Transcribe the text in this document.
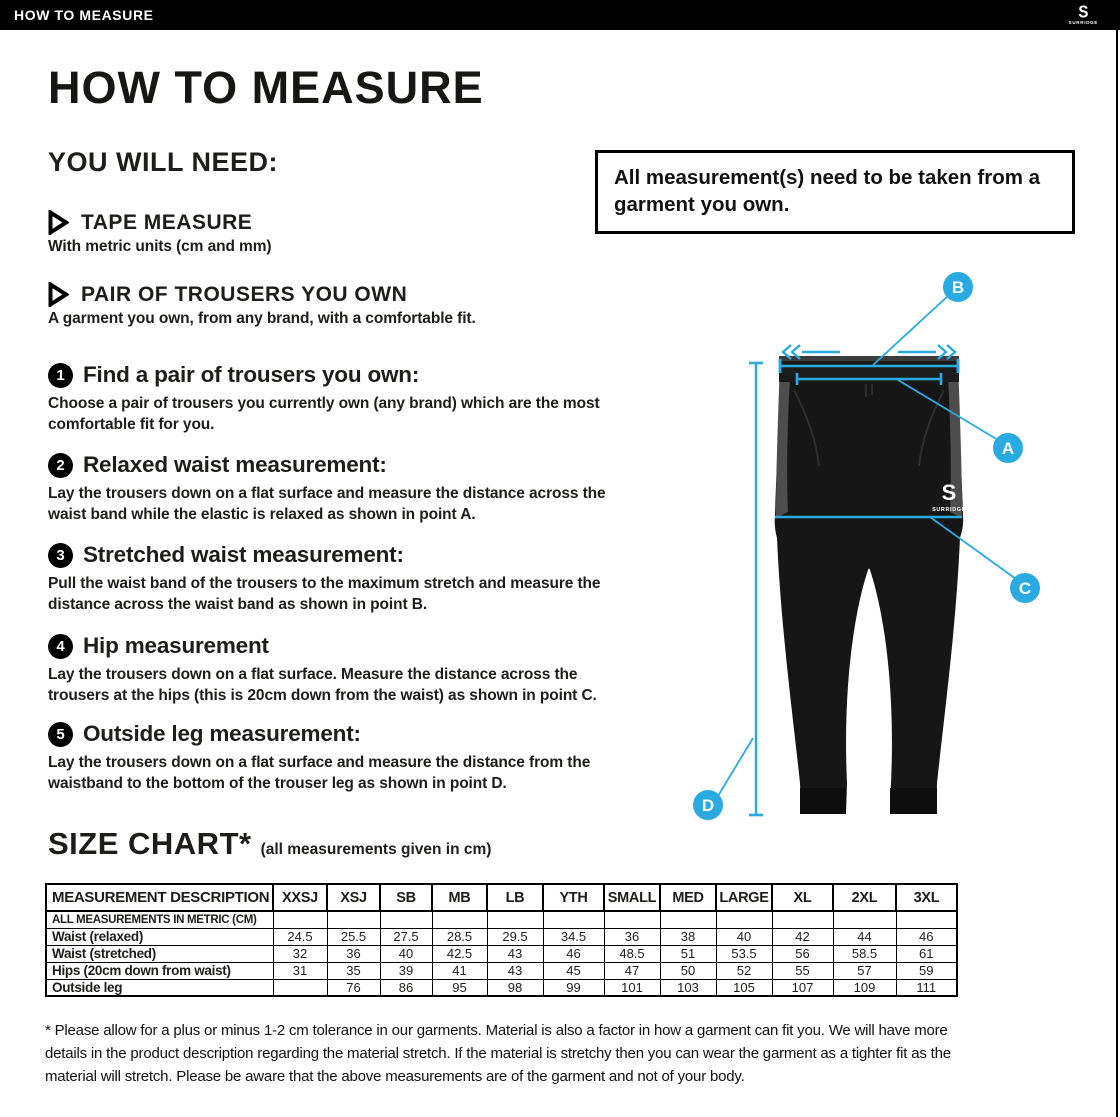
HOW TO MEASURE	S
SURRIDGE
HOW TO MEASURE
YOU WILL NEED:
All measurement(s) need to be taken from a garment you own.
TAPE MEASURE
With metric units (cm and mm)
PAIR OF TROUSERS YOU OWN
A garment you own, from any brand, with a comfortable fit.
1 Find a pair of trousers you own:
Choose a pair of trousers you currently own (any brand) which are the most comfortable fit for you.
2 Relaxed waist measurement:
Lay the trousers down on a flat surface and measure the distance across the waist band while the elastic is relaxed as shown in point A.
3 Stretched waist measurement:
Pull the waist band of the trousers to the maximum stretch and measure the distance across the waist band as shown in point B.
4 Hip measurement
Lay the trousers down on a flat surface. Measure the distance across the trousers at the hips (this is 20cm down from the waist) as shown in point C.
5 Outside leg measurement:
Lay the trousers down on a flat surface and measure the distance from the waistband to the bottom of the trouser leg as shown in point D.
S
SURRIDGE
B
A
C
D
SIZE CHART* (all measurements given in cm)
MEASUREMENT DESCRIPTION	XXSJ	XSJ	SB	MB	LB	YTH	SMALL	MED	LARGE	XL	2XL	3XL
ALL MEASUREMENTS IN METRIC (CM)												
Waist (relaxed)	24.5	25.5	27.5	28.5	29.5	34.5	36	38	40	42	44	46
Waist (stretched)	32	36	40	42.5	43	46	48.5	51	53.5	56	58.5	61
Hips (20cm down from waist)	31	35	39	41	43	45	47	50	52	55	57	59
Outside leg		76	86	95	98	99	101	103	105	107	109	111
* Please allow for a plus or minus 1-2 cm tolerance in our garments. Material is also a factor in how a garment can fit you. We will have more details in the product description regarding the material stretch. If the material is stretchy then you can wear the garment as a tighter fit as the material will stretch. Please be aware that the above measurements are of the garment and not of your body.
